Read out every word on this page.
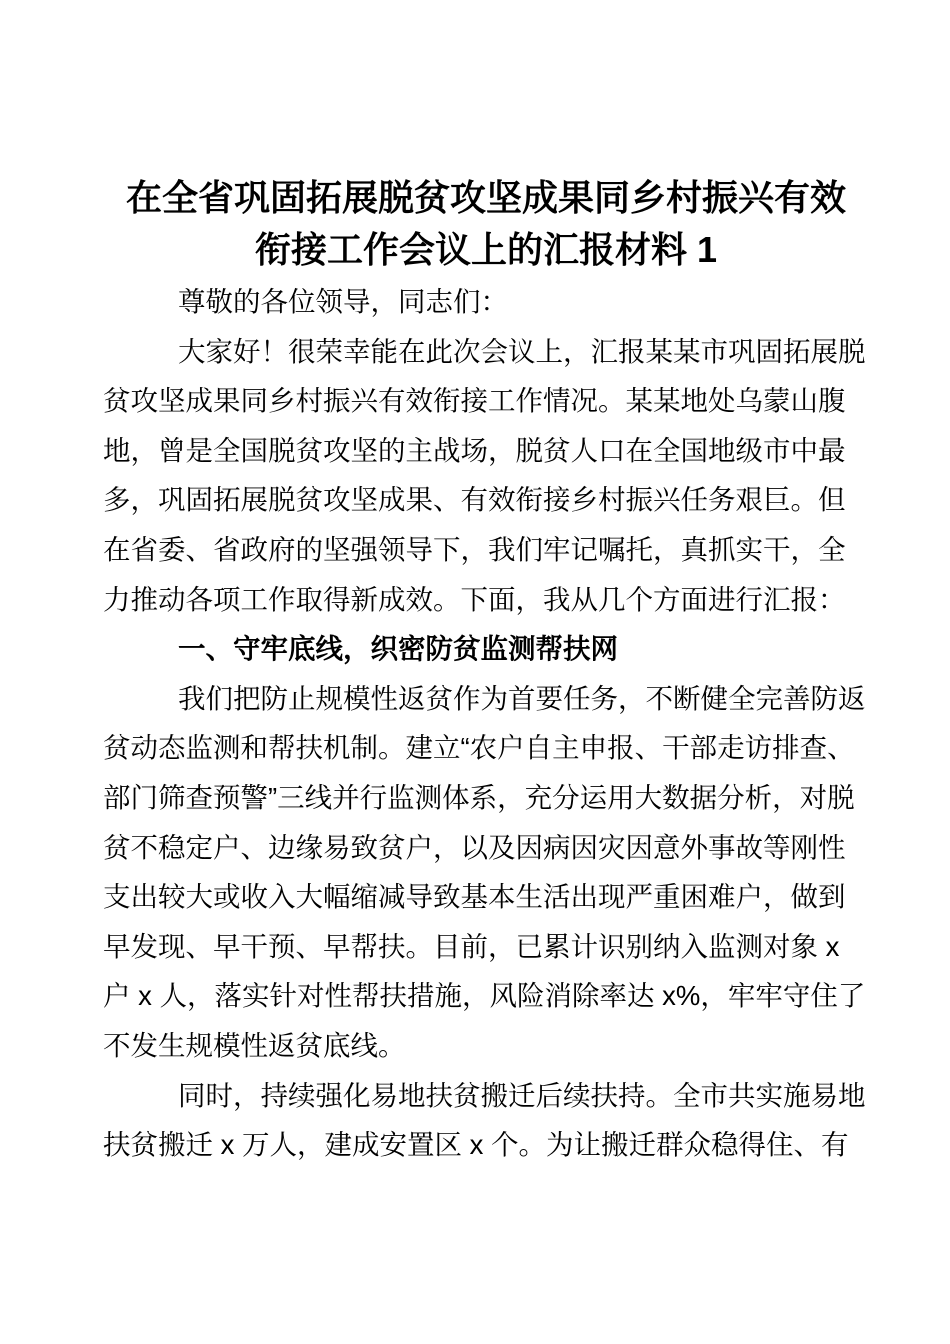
在全省巩固拓展脱贫攻坚成果同乡村振兴有效衔接工作会议上的汇报材料 1

尊敬的各位领导，同志们：

大家好！很荣幸能在此次会议上，汇报某某市巩固拓展脱贫攻坚成果同乡村振兴有效衔接工作情况。某某地处乌蒙山腹地，曾是全国脱贫攻坚的主战场，脱贫人口在全国地级市中最多，巩固拓展脱贫攻坚成果、有效衔接乡村振兴任务艰巨。但在省委、省政府的坚强领导下，我们牢记嘱托，真抓实干，全力推动各项工作取得新成效。下面，我从几个方面进行汇报：

一、守牢底线，织密防贫监测帮扶网

我们把防止规模性返贫作为首要任务，不断健全完善防返贫动态监测和帮扶机制。建立“农户自主申报、干部走访排查、部门筛查预警”三线并行监测体系，充分运用大数据分析，对脱贫不稳定户、边缘易致贫户，以及因病因灾因意外事故等刚性支出较大或收入大幅缩减导致基本生活出现严重困难户，做到早发现、早干预、早帮扶。目前，已累计识别纳入监测对象 x 户 x 人，落实针对性帮扶措施，风险消除率达 x%，牢牢守住了不发生规模性返贫底线。

同时，持续强化易地扶贫搬迁后续扶持。全市共实施易地扶贫搬迁 x 万人，建成安置区 x 个。为让搬迁群众稳得住、有
